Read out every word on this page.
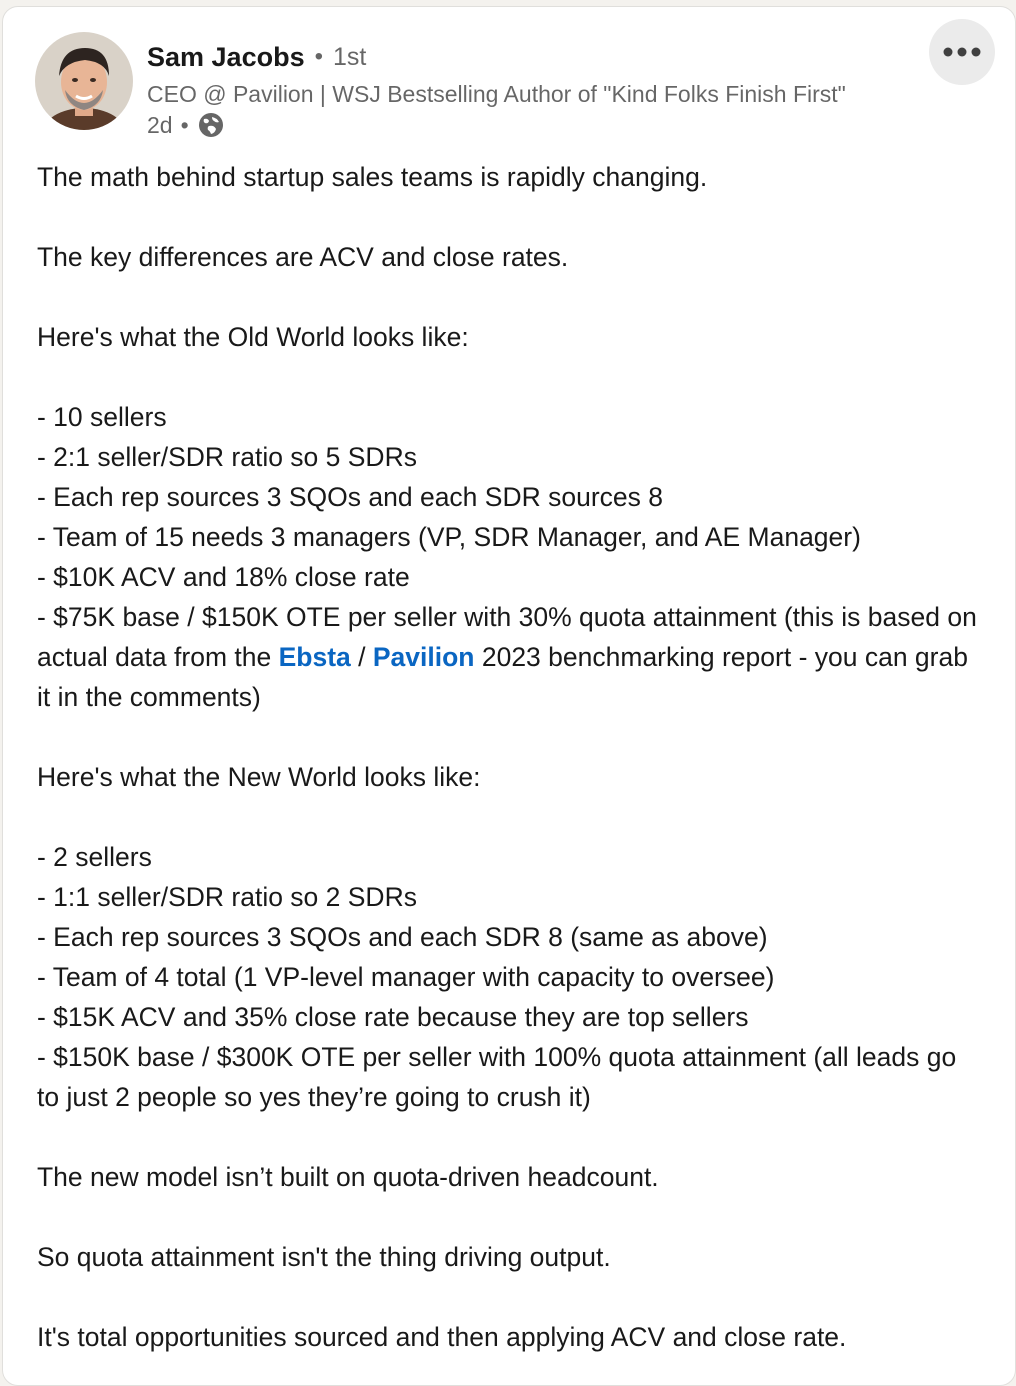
Sam Jacobs • 1st
CEO @ Pavilion | WSJ Bestselling Author of "Kind Folks Finish First"
2d •

The math behind startup sales teams is rapidly changing.

The key differences are ACV and close rates.

Here's what the Old World looks like:

- 10 sellers

- 2:1 seller/SDR ratio so 5 SDRs

- Each rep sources 3 SQOs and each SDR sources 8

- Team of 15 needs 3 managers (VP, SDR Manager, and AE Manager)

- $10K ACV and 18% close rate

- $75K base / $150K OTE per seller with 30% quota attainment (this is based on actual data from the Ebsta / Pavilion 2023 benchmarking report - you can grab it in the comments)

Here's what the New World looks like:

- 2 sellers

- 1:1 seller/SDR ratio so 2 SDRs

- Each rep sources 3 SQOs and each SDR 8 (same as above)

- Team of 4 total (1 VP-level manager with capacity to oversee)

- $15K ACV and 35% close rate because they are top sellers

- $150K base / $300K OTE per seller with 100% quota attainment (all leads go to just 2 people so yes they’re going to crush it)

The new model isn’t built on quota-driven headcount.

So quota attainment isn't the thing driving output.

It's total opportunities sourced and then applying ACV and close rate.
